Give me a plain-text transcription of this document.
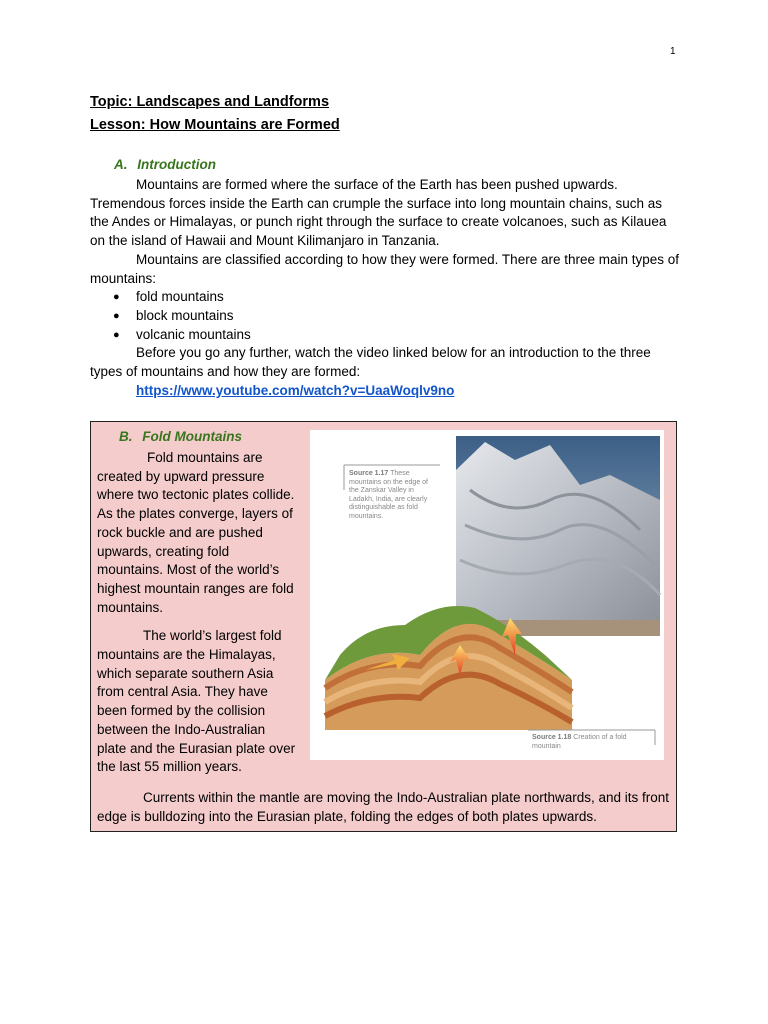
1
Topic: Landscapes and Landforms
Lesson: How Mountains are Formed
A. Introduction

Mountains are formed where the surface of the Earth has been pushed upwards. Tremendous forces inside the Earth can crumple the surface into long mountain chains, such as the Andes or Himalayas, or punch right through the surface to create volcanoes, such as Kilauea on the island of Hawaii and Mount Kilimanjaro in Tanzania.

Mountains are classified according to how they were formed. There are three main types of mountains:

● fold mountains
● block mountains
● volcanic mountains

Before you go any further, watch the video linked below for an introduction to the three types of mountains and how they are formed:

https://www.youtube.com/watch?v=UaaWoqlv9no
B. Fold Mountains

Fold mountains are created by upward pressure where two tectonic plates collide. As the plates converge, layers of rock buckle and are pushed upwards, creating fold mountains. Most of the world’s highest mountain ranges are fold mountains.

The world’s largest fold mountains are the Himalayas, which separate southern Asia from central Asia. They have been formed by the collision between the Indo-Australian plate and the Eurasian plate over the last 55 million years.

Source 1.17 These mountains on the edge of the Zanskar Valley in Ladakh, India, are clearly distinguishable as fold mountains.
Source 1.18 Creation of a fold mountain

Currents within the mantle are moving the Indo-Australian plate northwards, and its front edge is bulldozing into the Eurasian plate, folding the edges of both plates upwards.
